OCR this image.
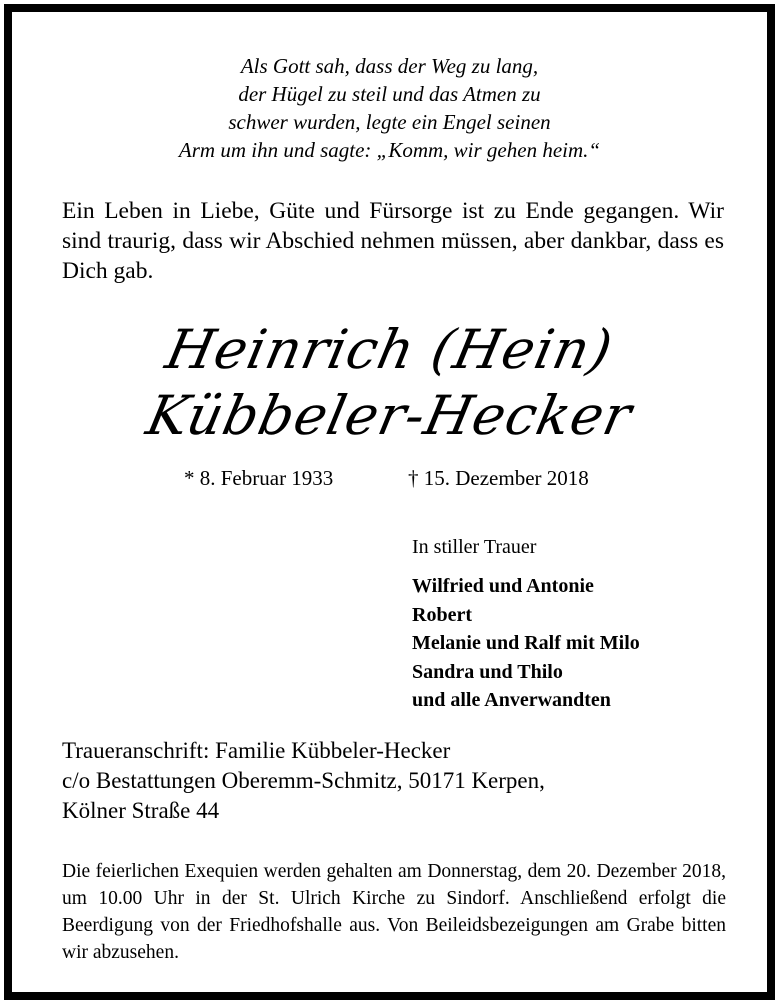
Als Gott sah, dass der Weg zu lang,
der Hügel zu steil und das Atmen zu
schwer wurden, legte ein Engel seinen
Arm um ihn und sagte: „Komm, wir gehen heim.“
Ein Leben in Liebe, Güte und Fürsorge ist zu Ende gegangen. Wir sind traurig, dass wir Abschied nehmen müssen, aber dankbar, dass es Dich gab.
Heinrich (Hein)
Kübbeler-Hecker
* 8. Februar 1933	† 15. Dezember 2018
In stiller Trauer
Wilfried und Antonie
Robert
Melanie und Ralf mit Milo
Sandra und Thilo
und alle Anverwandten
Traueranschrift: Familie Kübbeler-Hecker
c/o Bestattungen Oberemm-Schmitz, 50171 Kerpen,
Kölner Straße 44
Die feierlichen Exequien werden gehalten am Donnerstag, dem 20. Dezember 2018, um 10.00 Uhr in der St. Ulrich Kirche zu Sindorf. Anschließend erfolgt die Beerdigung von der Friedhofshalle aus. Von Beileidsbezeigungen am Grabe bitten wir abzusehen.
